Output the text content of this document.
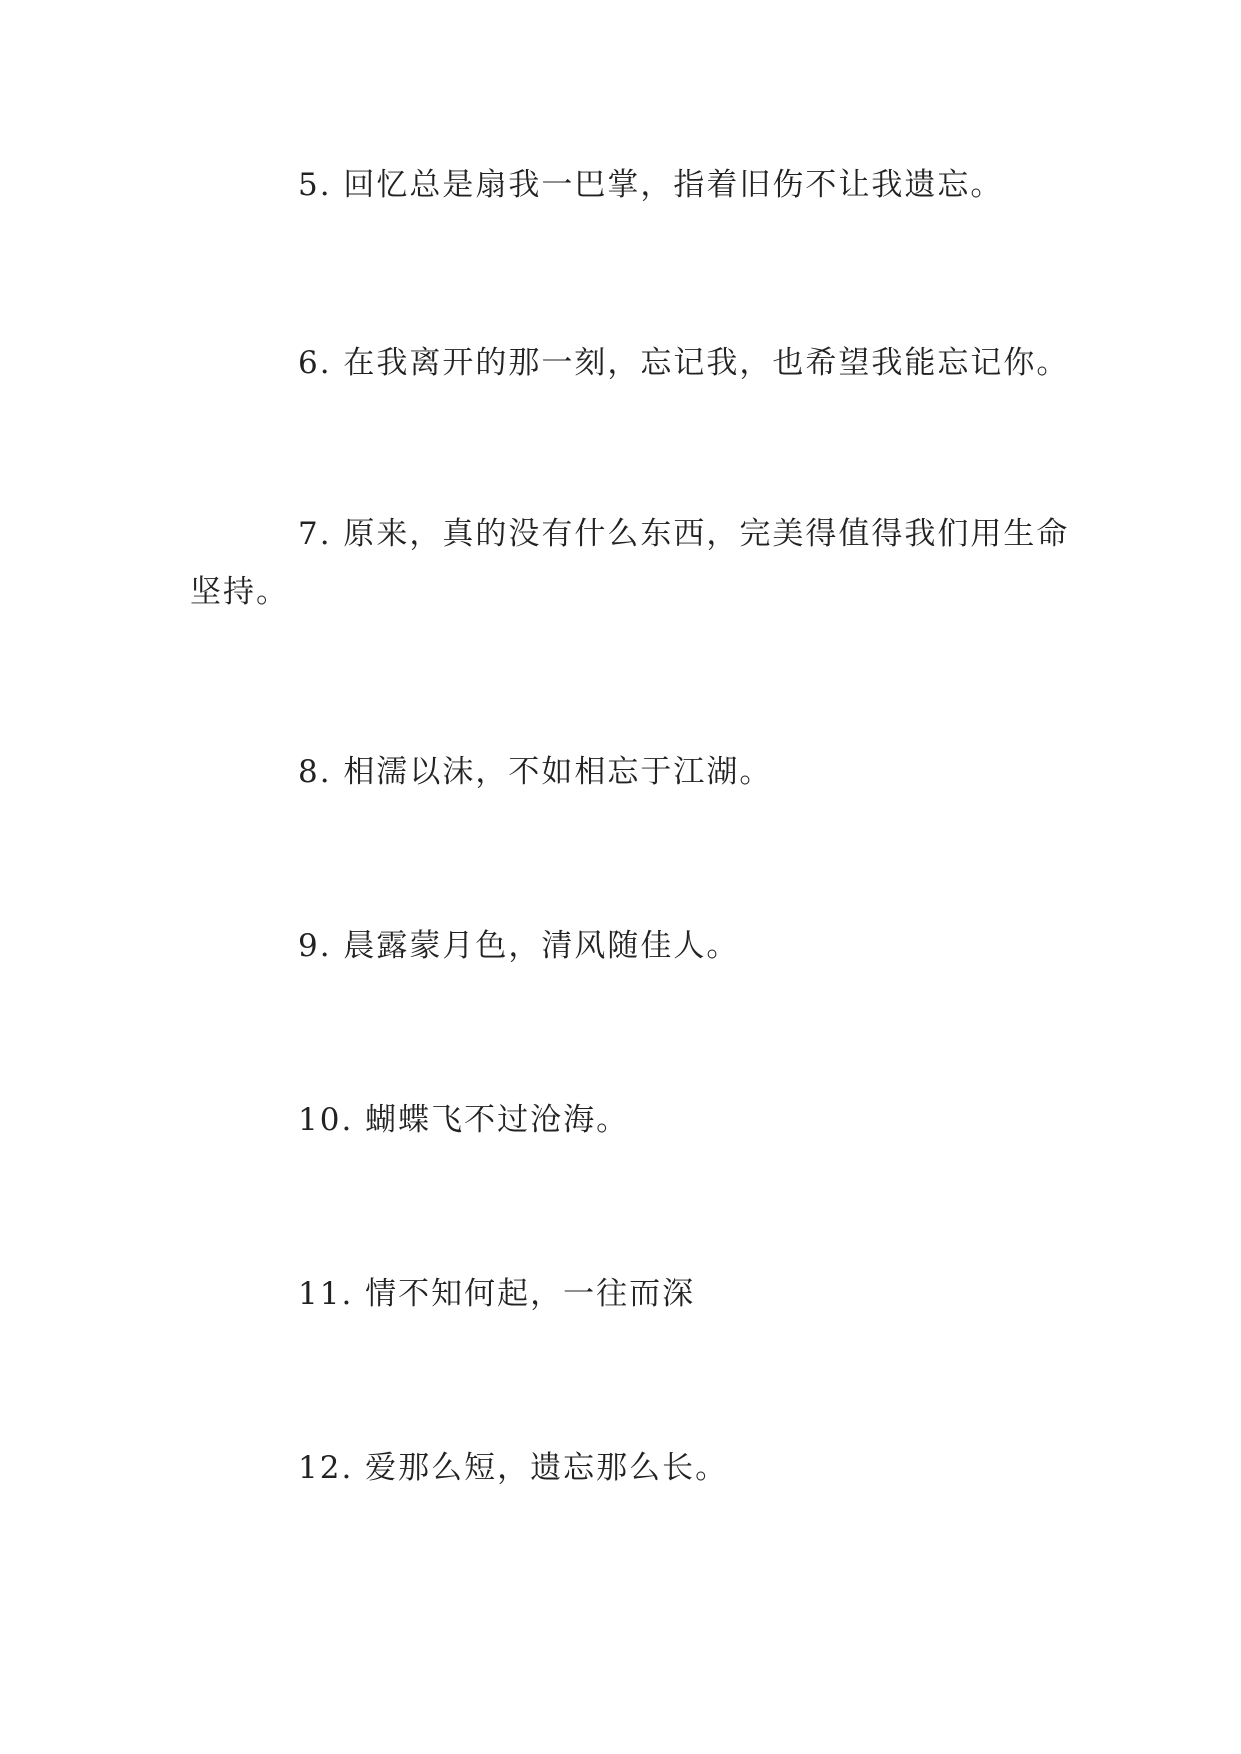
5. 回忆总是扇我一巴掌，指着旧伤不让我遗忘。

6. 在我离开的那一刻，忘记我，也希望我能忘记你。

7. 原来，真的没有什么东西，完美得值得我们用生命坚持。

8. 相濡以沫，不如相忘于江湖。

9. 晨露蒙月色，清风随佳人。

10. 蝴蝶飞不过沧海。

11. 情不知何起，一往而深

12. 爱那么短，遗忘那么长。
